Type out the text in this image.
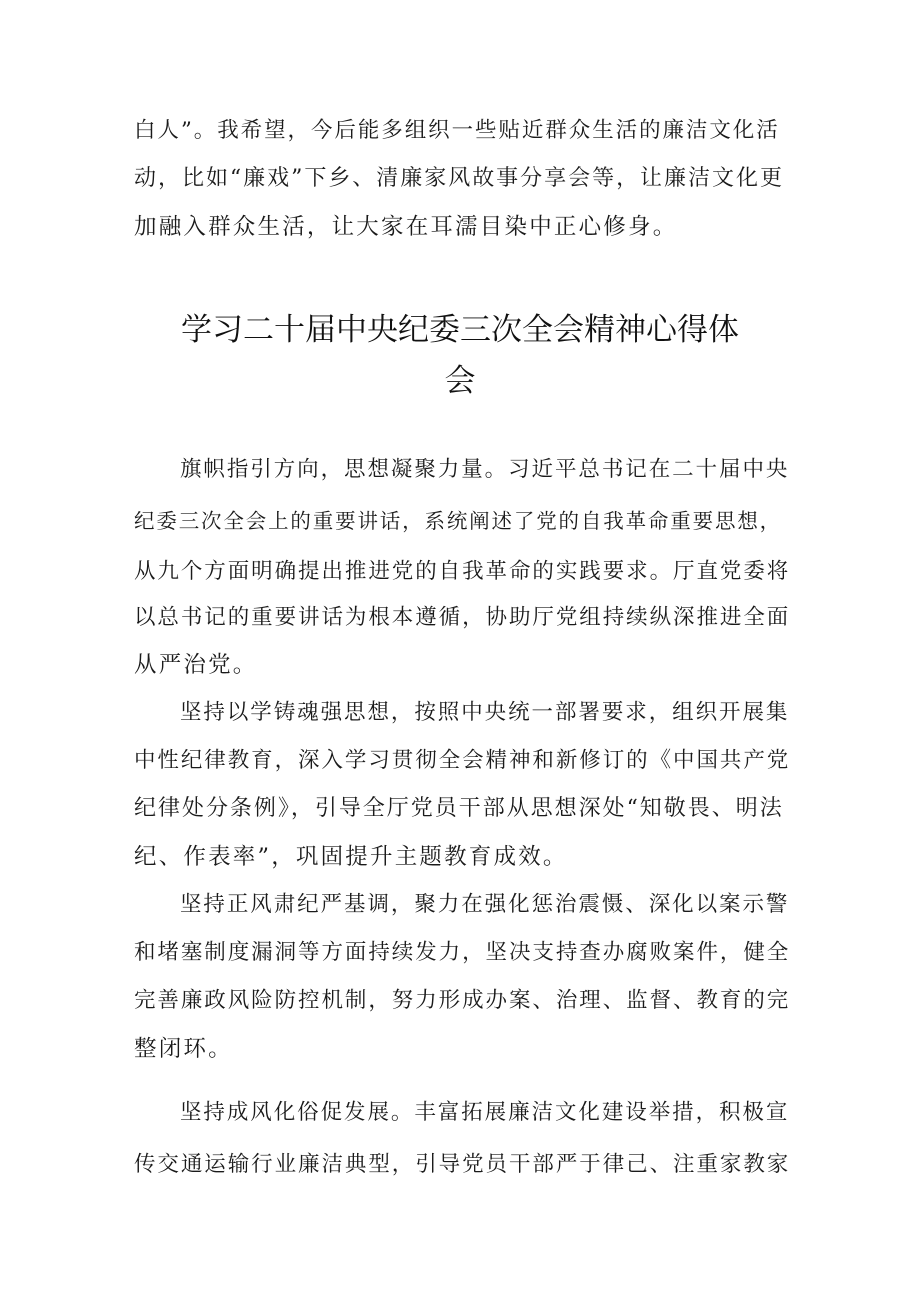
白人”。我希望，今后能多组织一些贴近群众生活的廉洁文化活
动，比如“廉戏”下乡、清廉家风故事分享会等，让廉洁文化更
加融入群众生活，让大家在耳濡目染中正心修身。
学习二十届中央纪委三次全会精神心得体
会
旗帜指引方向，思想凝聚力量。习近平总书记在二十届中央
纪委三次全会上的重要讲话，系统阐述了党的自我革命重要思想，
从九个方面明确提出推进党的自我革命的实践要求。厅直党委将
以总书记的重要讲话为根本遵循，协助厅党组持续纵深推进全面
从严治党。
坚持以学铸魂强思想，按照中央统一部署要求，组织开展集
中性纪律教育，深入学习贯彻全会精神和新修订的《中国共产党
纪律处分条例》，引导全厅党员干部从思想深处“知敬畏、明法
纪、作表率”，巩固提升主题教育成效。
坚持正风肃纪严基调，聚力在强化惩治震慑、深化以案示警
和堵塞制度漏洞等方面持续发力，坚决支持查办腐败案件，健全
完善廉政风险防控机制，努力形成办案、治理、监督、教育的完
整闭环。
坚持成风化俗促发展。丰富拓展廉洁文化建设举措，积极宣
传交通运输行业廉洁典型，引导党员干部严于律己、注重家教家
